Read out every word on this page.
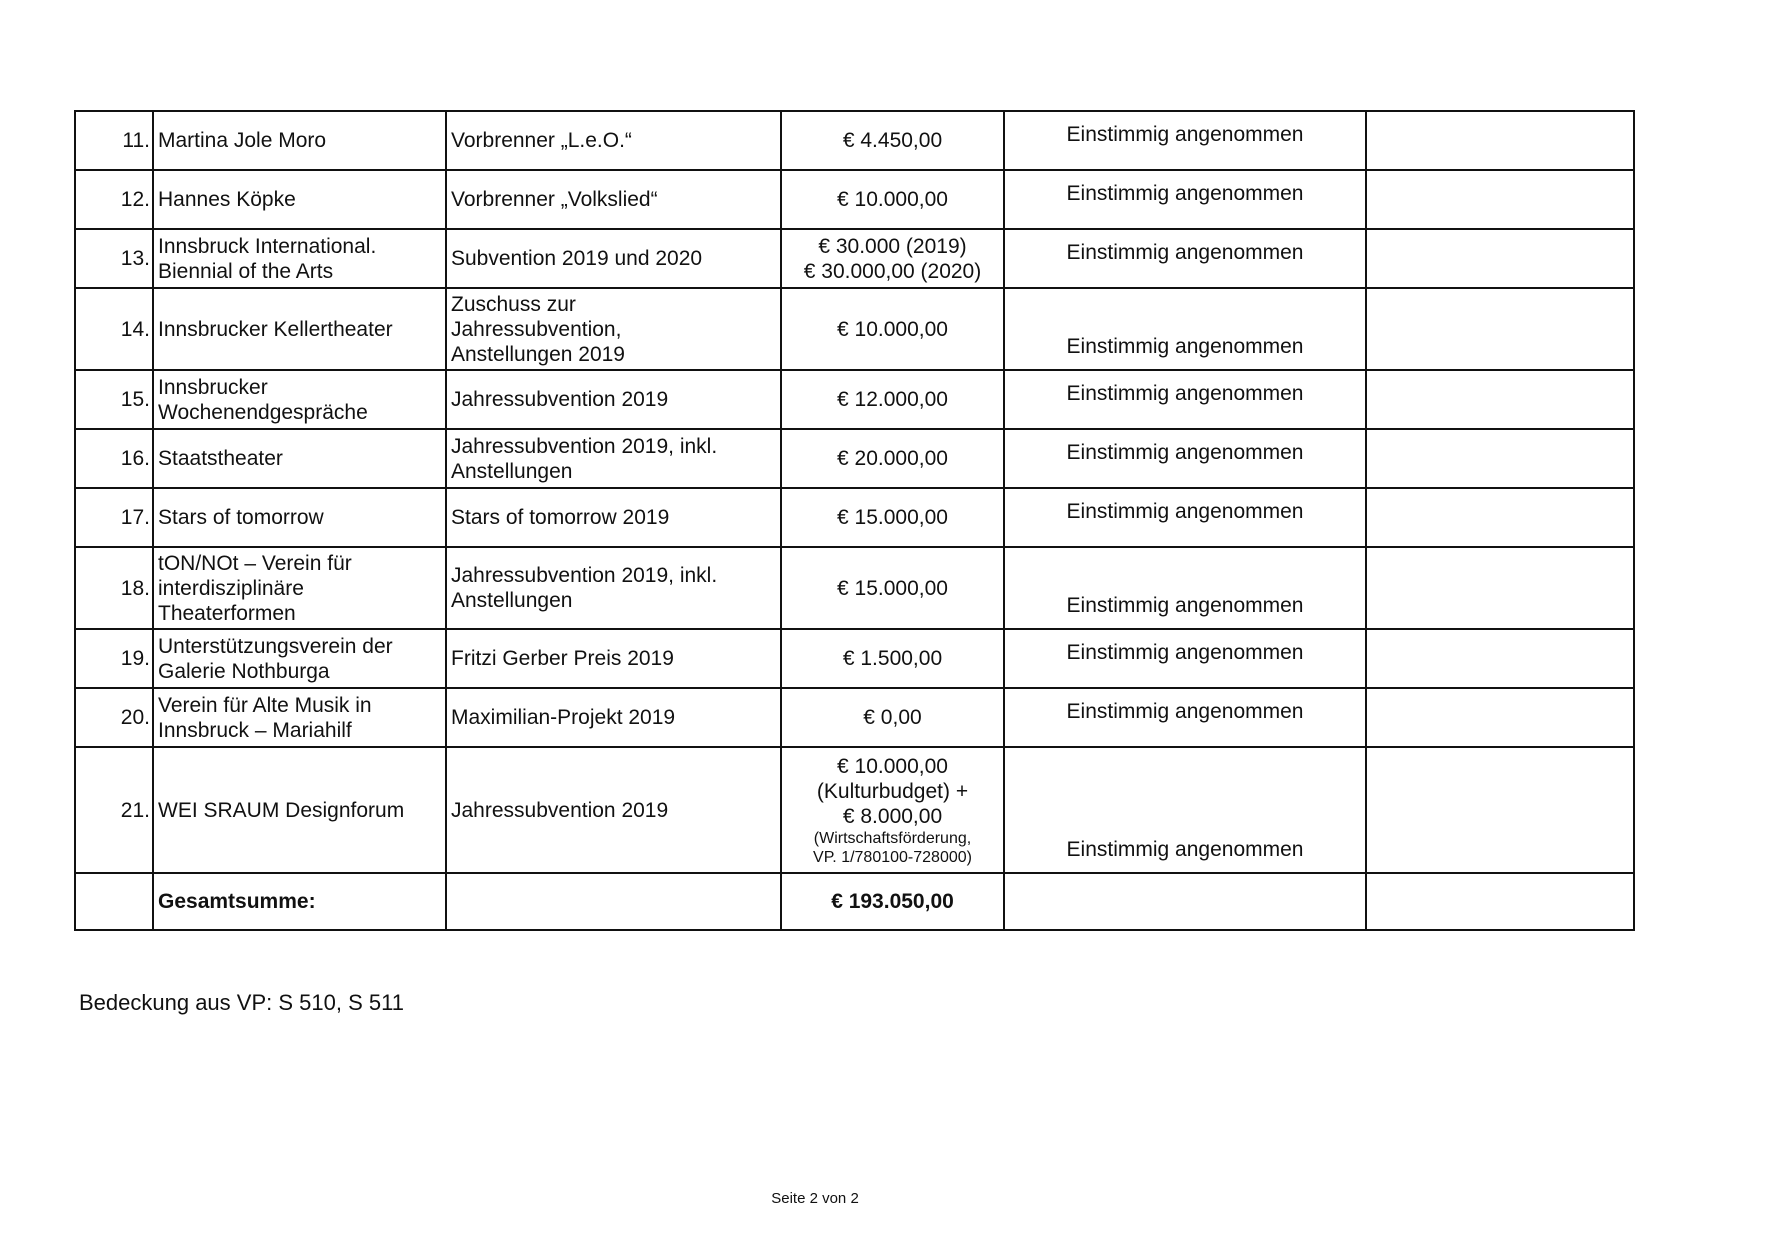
11.	Martina Jole Moro	Vorbrenner „L.e.O.“	€ 4.450,00	Einstimmig angenommen	
12.	Hannes Köpke	Vorbrenner „Volkslied“	€ 10.000,00	Einstimmig angenommen	
13.	Innsbruck International.
Biennial of the Arts	Subvention 2019 und 2020	€ 30.000 (2019)
€ 30.000,00 (2020)	Einstimmig angenommen	
14.	Innsbrucker Kellertheater	Zuschuss zur
Jahressubvention,
Anstellungen 2019	€ 10.000,00	Einstimmig angenommen	
15.	Innsbrucker
Wochenendgespräche	Jahressubvention 2019	€ 12.000,00	Einstimmig angenommen	
16.	Staatstheater	Jahressubvention 2019, inkl.
Anstellungen	€ 20.000,00	Einstimmig angenommen	
17.	Stars of tomorrow	Stars of tomorrow 2019	€ 15.000,00	Einstimmig angenommen	
18.	tON/NOt – Verein für
interdisziplinäre
Theaterformen	Jahressubvention 2019, inkl.
Anstellungen	€ 15.000,00	Einstimmig angenommen	
19.	Unterstützungsverein der
Galerie Nothburga	Fritzi Gerber Preis 2019	€ 1.500,00	Einstimmig angenommen	
20.	Verein für Alte Musik in
Innsbruck – Mariahilf	Maximilian-Projekt 2019	€ 0,00	Einstimmig angenommen	
21.	WEI SRAUM Designforum	Jahressubvention 2019	€ 10.000,00
(Kulturbudget) +
€ 8.000,00
(Wirtschaftsförderung,
VP. 1/780100-728000)	Einstimmig angenommen	
	Gesamtsumme:		€ 193.050,00		
Bedeckung aus VP: S 510, S 511
Seite 2 von 2
